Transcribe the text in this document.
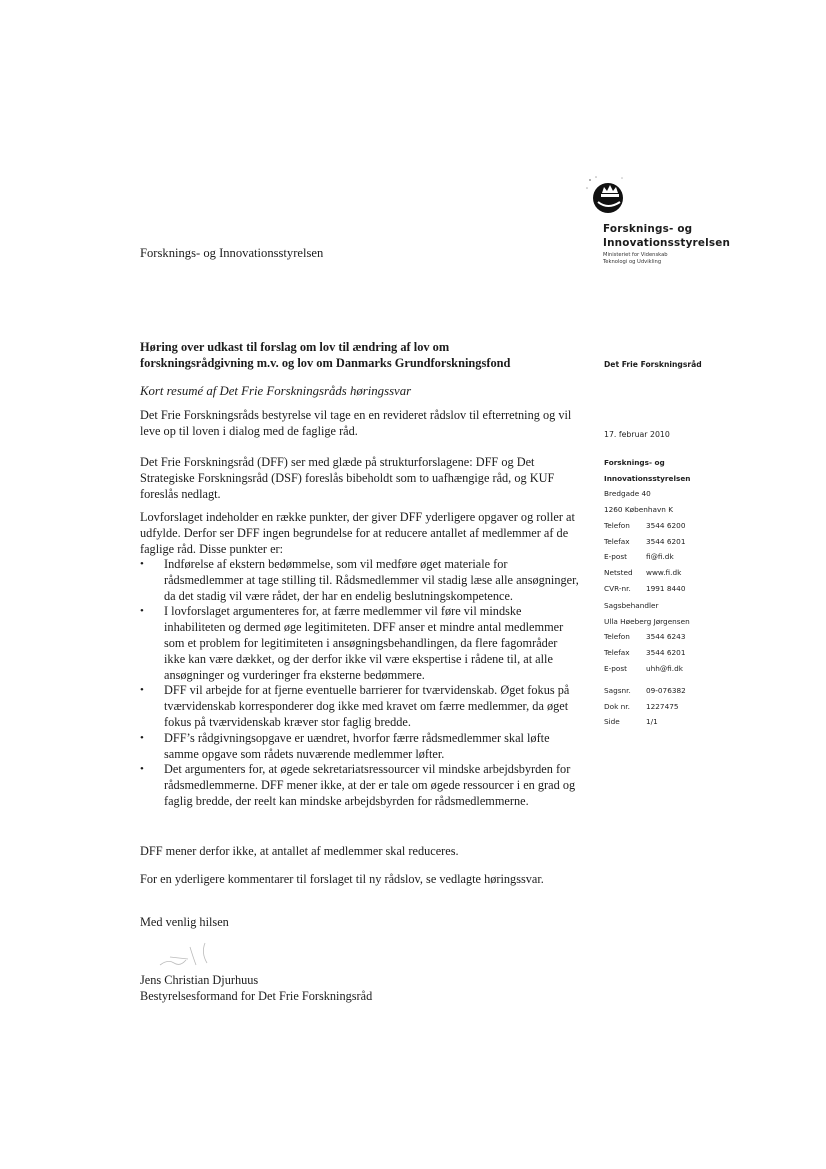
Forsknings- og
Innovationsstyrelsen
Ministeriet for Videnskab
Teknologi og Udvikling
Forsknings- og Innovationsstyrelsen
Høring over udkast til forslag om lov til ændring af lov om
forskningsrådgivning m.v. og lov om Danmarks Grundforskningsfond	Det Frie Forskningsråd
Kort resumé af Det Frie Forskningsråds høringssvar

Det Frie Forskningsråds bestyrelse vil tage en en revideret rådslov til efterretning og vil leve op til loven i dialog med de faglige råd.

Det Frie Forskningsråd (DFF) ser med glæde på strukturforslagene: DFF og Det Strategiske Forskningsråd (DSF) foreslås bibeholdt som to uafhængige råd, og KUF foreslås nedlagt.

Lovforslaget indeholder en række punkter, der giver DFF yderligere opgaver og roller at udfylde. Derfor ser DFF ingen begrundelse for at reducere antallet af medlemmer af de faglige råd. Disse punkter er:

• Indførelse af ekstern bedømmelse, som vil medføre øget materiale for rådsmedlemmer at tage stilling til. Rådsmedlemmer vil stadig læse alle ansøgninger, da det stadig vil være rådet, der har en endelig beslutningskompetence.
• I lovforslaget argumenteres for, at færre medlemmer vil føre vil mindske inhabiliteten og dermed øge legitimiteten. DFF anser et mindre antal medlemmer som et problem for legitimiteten i ansøgningsbehandlingen, da flere fagområder ikke kan være dækket, og der derfor ikke vil være ekspertise i rådene til, at alle ansøgninger og vurderinger fra eksterne bedømmere.
• DFF vil arbejde for at fjerne eventuelle barrierer for tværvidenskab. Øget fokus på tværvidenskab korresponderer dog ikke med kravet om færre medlemmer, da øget fokus på tværvidenskab kræver stor faglig bredde.
• DFF’s rådgivningsopgave er uændret, hvorfor færre rådsmedlemmer skal løfte samme opgave som rådets nuværende medlemmer løfter.
• Det argumenters for, at øgede sekretariatsressourcer vil mindske arbejdsbyrden for rådsmedlemmerne. DFF mener ikke, at der er tale om øgede ressourcer i en grad og faglig bredde, der reelt kan mindske arbejdsbyrden for rådsmedlemmerne.

DFF mener derfor ikke, at antallet af medlemmer skal reduceres.

For en yderligere kommentarer til forslaget til ny rådslov, se vedlagte høringssvar.

Med venlig hilsen

Jens Christian Djurhuus

Bestyrelsesformand for Det Frie Forskningsråd

17. februar 2010
Forsknings- og
Innovationsstyrelsen
Bredgade 40
1260 København K
Telefon	3544 6200
Telefax	3544 6201
E-post	fi@fi.dk
Netsted	www.fi.dk
CVR-nr.	1991 8440
Sagsbehandler
Ulla Høeberg Jørgensen
Telefon	3544 6243
Telefax	3544 6201
E-post	uhh@fi.dk
Sagsnr.	09-076382
Dok nr.	1227475
Side	1/1
